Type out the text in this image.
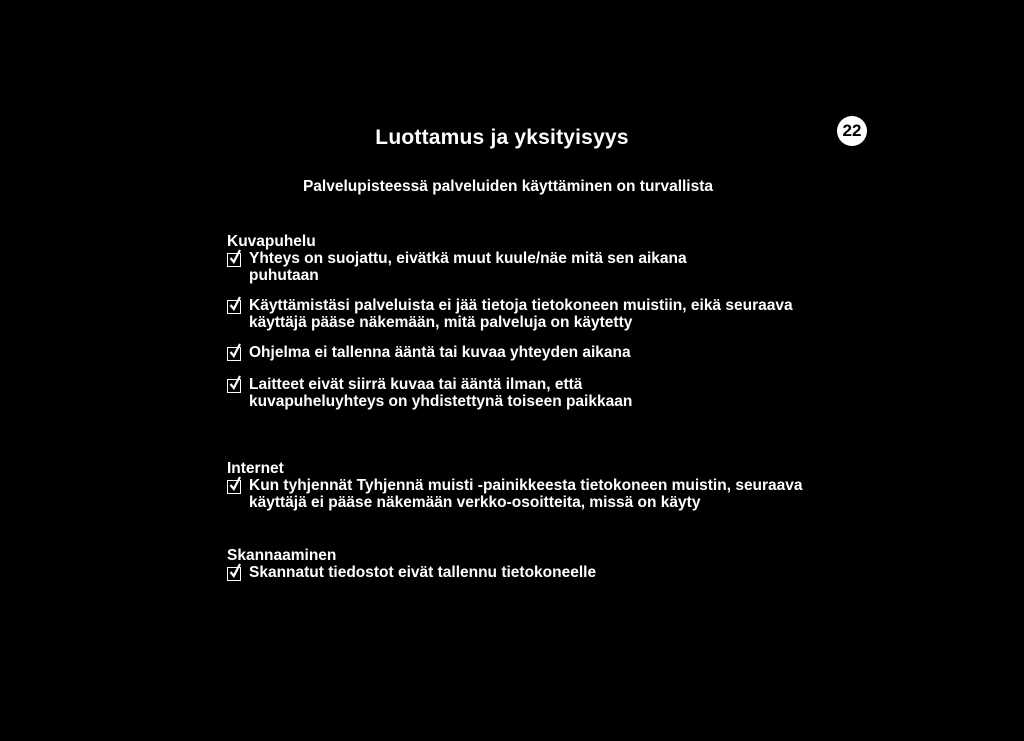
Luottamus ja yksityisyys	22
Palvelupisteessä palveluiden käyttäminen on turvallista
Kuvapuhelu
Yhteys on suojattu, eivätkä muut kuule/näe mitä sen aikana puhutaan
Käyttämistäsi palveluista ei jää tietoja tietokoneen muistiin, eikä seuraava käyttäjä pääse näkemään, mitä palveluja on käytetty
Ohjelma ei tallenna ääntä tai kuvaa yhteyden aikana
Laitteet eivät siirrä kuvaa tai ääntä ilman, että kuvapuheluyhteys on yhdistettynä toiseen paikkaan
Internet
Kun tyhjennät Tyhjennä muisti -painikkeesta tietokoneen muistin, seuraava käyttäjä ei pääse näkemään verkko-osoitteita, missä on käyty
Skannaaminen
Skannatut tiedostot eivät tallennu tietokoneelle
